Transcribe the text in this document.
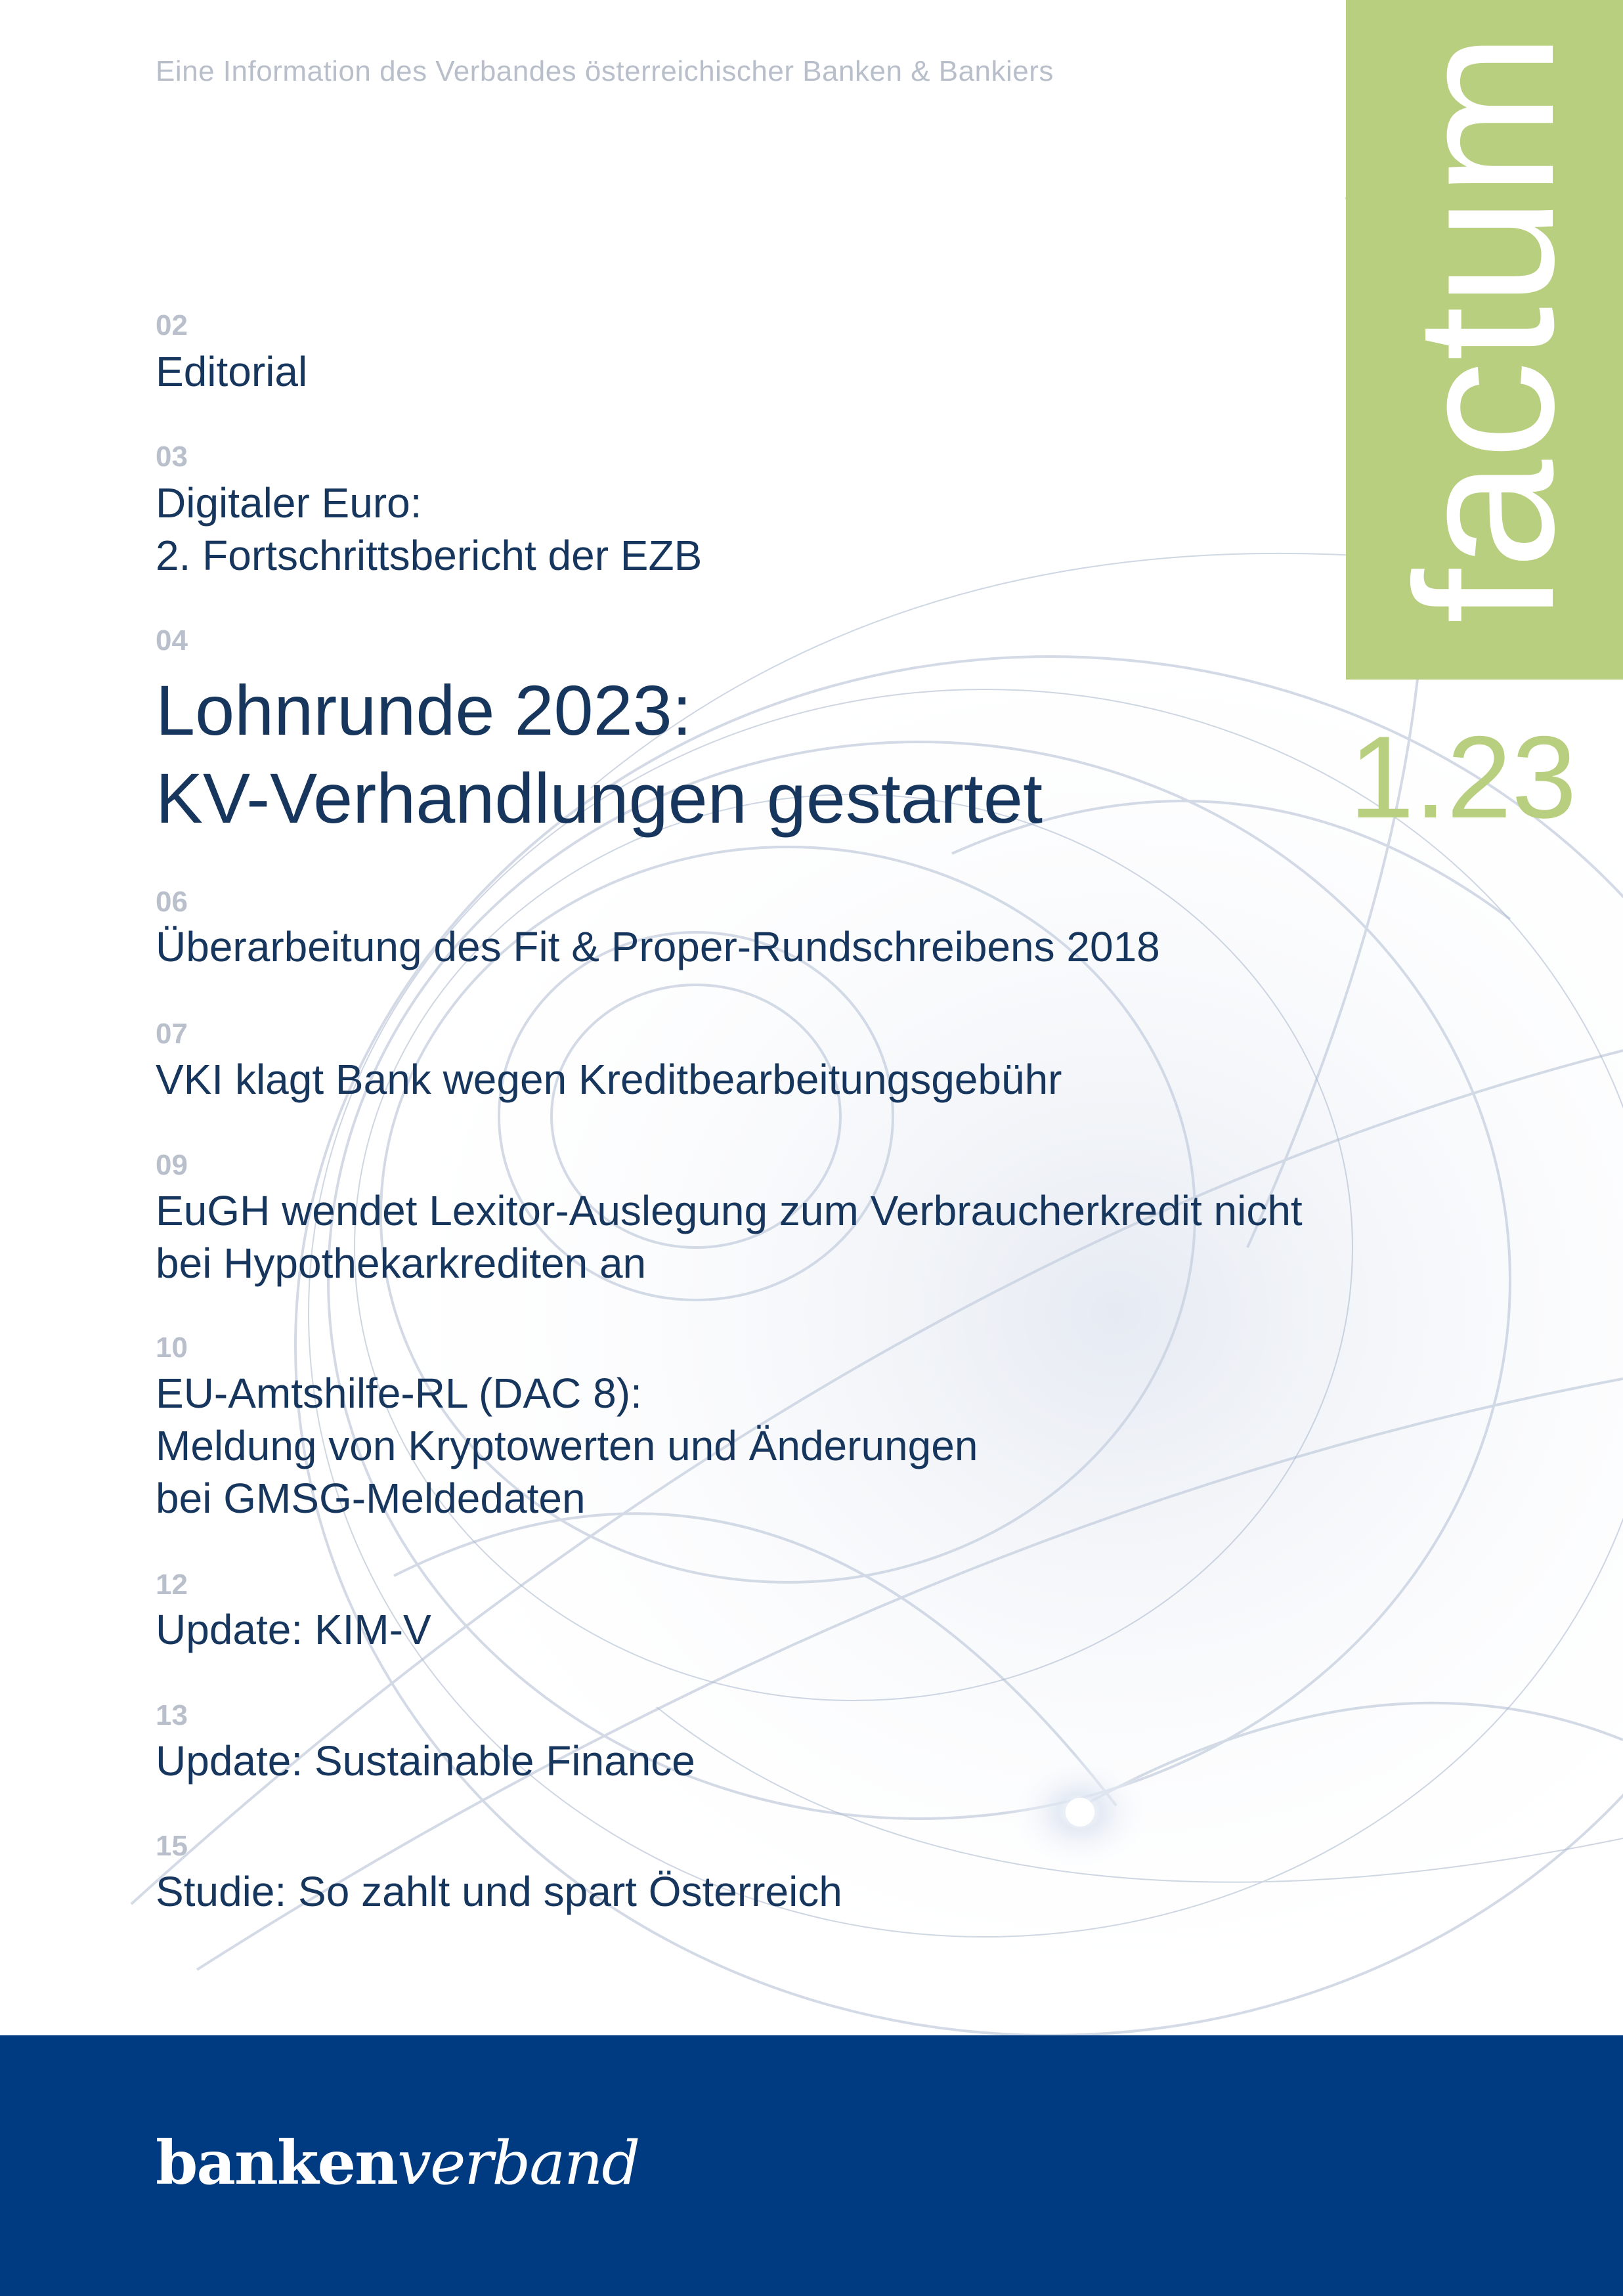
Eine Information des Verbandes österreichischer Banken & Bankiers factum
1.23
02
Editorial
03
Digitaler Euro:
2. Fortschrittsbericht der EZB
04
Lohnrunde 2023:
KV-Verhandlungen gestartet
06
Überarbeitung des Fit & Proper-Rundschreibens 2018
07
VKI klagt Bank wegen Kreditbearbeitungsgebühr
09
EuGH wendet Lexitor-Auslegung zum Verbraucherkredit nicht
bei Hypothekarkrediten an
10
EU-Amtshilfe-RL (DAC 8):
Meldung von Kryptowerten und Änderungen
bei GMSG-Meldedaten
12
Update: KIM-V
13
Update: Sustainable Finance
15
Studie: So zahlt und spart Österreich
bankenverband
